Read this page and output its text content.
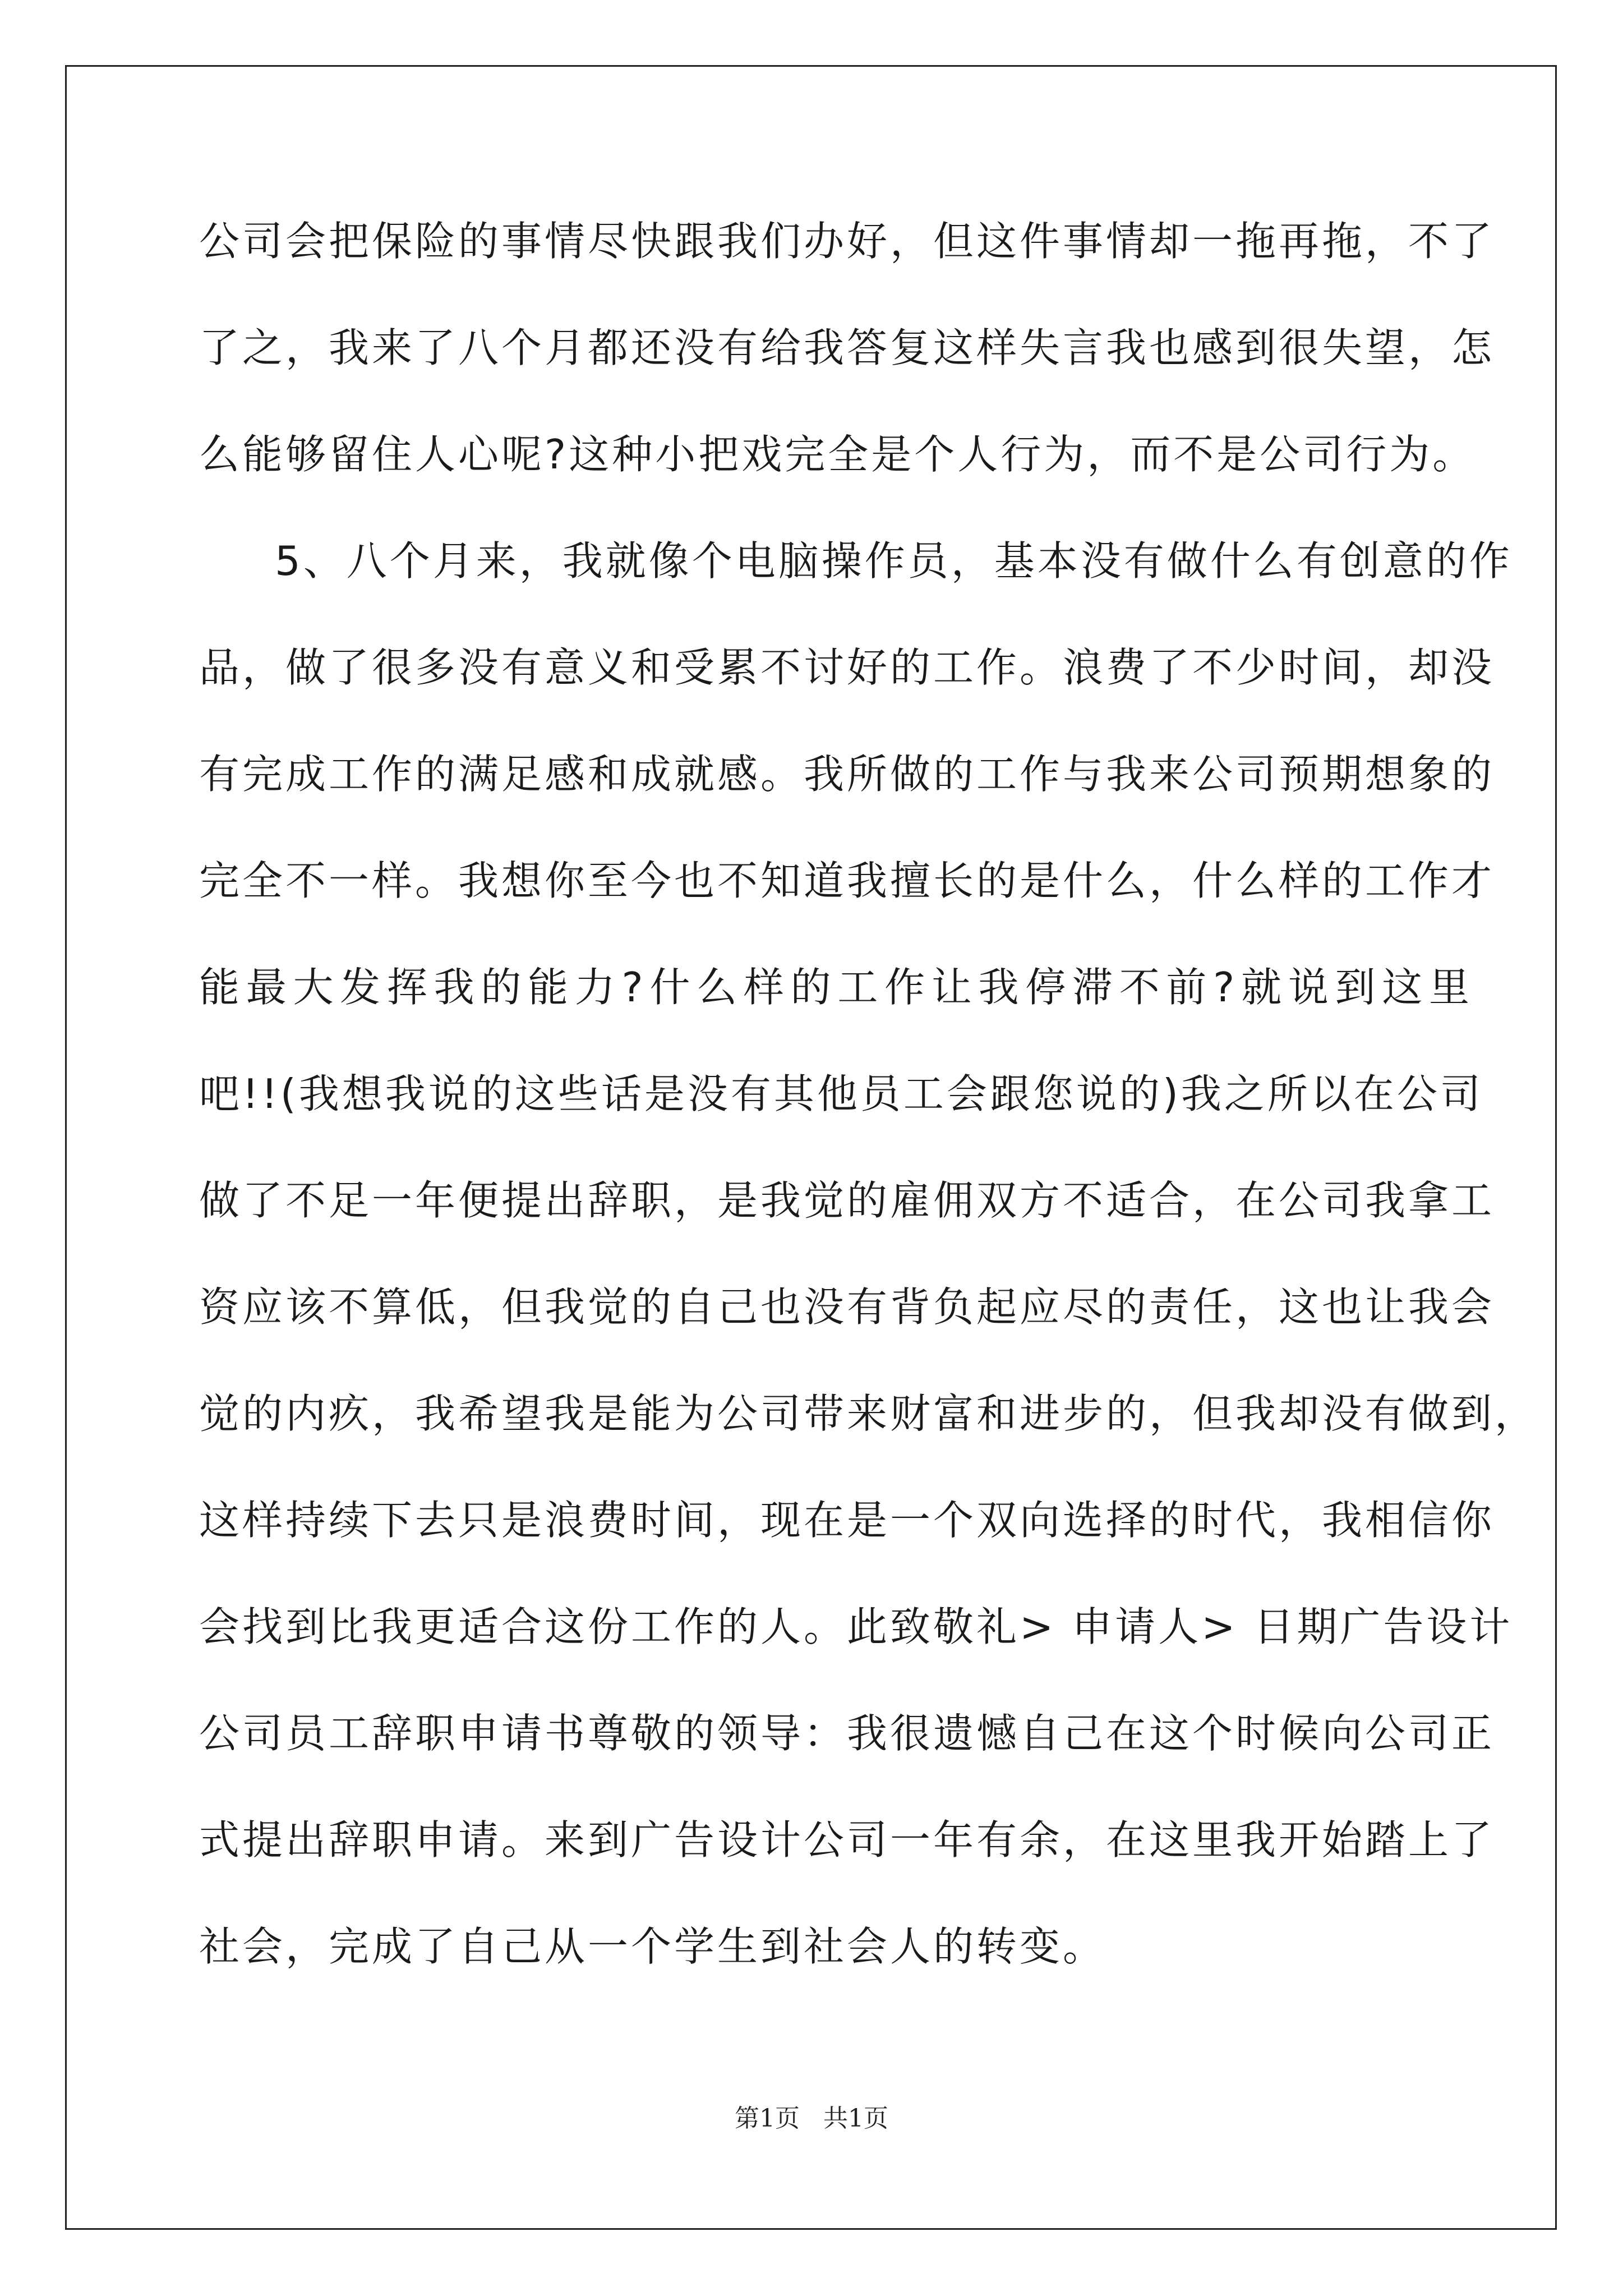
公司会把保险的事情尽快跟我们办好，但这件事情却一拖再拖，不了
了之，我来了八个月都还没有给我答复这样失言我也感到很失望，怎
么能够留住人心呢?这种小把戏完全是个人行为，而不是公司行为。
5、八个月来，我就像个电脑操作员，基本没有做什么有创意的作
品，做了很多没有意义和受累不讨好的工作。浪费了不少时间，却没
有完成工作的满足感和成就感。我所做的工作与我来公司预期想象的
完全不一样。我想你至今也不知道我擅长的是什么，什么样的工作才
能最大发挥我的能力?什么样的工作让我停滞不前?就说到这里
吧!!(我想我说的这些话是没有其他员工会跟您说的)我之所以在公司
做了不足一年便提出辞职，是我觉的雇佣双方不适合，在公司我拿工
资应该不算低，但我觉的自己也没有背负起应尽的责任，这也让我会
觉的内疚，我希望我是能为公司带来财富和进步的，但我却没有做到，
这样持续下去只是浪费时间，现在是一个双向选择的时代，我相信你
会找到比我更适合这份工作的人。此致敬礼> 申请人> 日期广告设计
公司员工辞职申请书尊敬的领导：我很遗憾自己在这个时候向公司正
式提出辞职申请。来到广告设计公司一年有余，在这里我开始踏上了
社会，完成了自己从一个学生到社会人的转变。
第1页 共1页
